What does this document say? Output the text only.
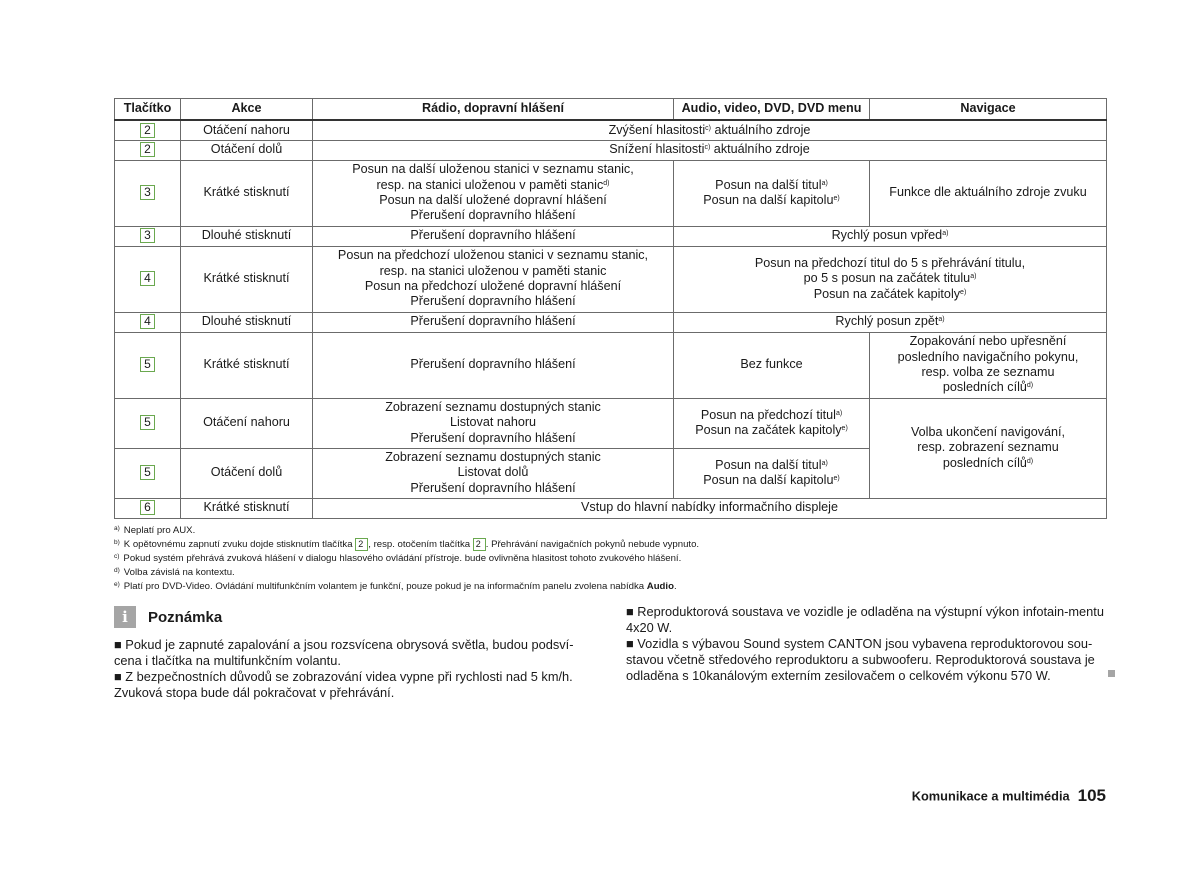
Tlačítko	Akce	Rádio, dopravní hlášení	Audio, video, DVD, DVD menu	Navigace
2	Otáčení nahoru	Zvýšení hlasitosti$^{c)}$ aktuálního zdroje		
2	Otáčení dolů	Snížení hlasitosti$^{c)}$ aktuálního zdroje		
3	Krátké stisknutí	Posun na další uloženou stanici v seznamu stanic,
resp. na stanici uloženou v paměti stanic$^{d)}$
Posun na další uložené dopravní hlášení
Přerušení dopravního hlášení	Posun na další titul$^{a)}$
Posun na další kapitolu$^{e)}$	Funkce dle aktuálního zdroje zvuku
3	Dlouhé stisknutí	Přerušení dopravního hlášení	Rychlý posun vpřed$^{a)}$
4	Krátké stisknutí	Posun na předchozí uloženou stanici v seznamu stanic,
resp. na stanici uloženou v paměti stanic
Posun na předchozí uložené dopravní hlášení
Přerušení dopravního hlášení	Posun na předchozí titul do 5 s přehrávání titulu,
po 5 s posun na začátek titulu$^{a)}$
Posun na začátek kapitoly$^{e)}$

4	Dlouhé stisknutí	Přerušení dopravního hlášení	Rychlý posun zpět$^{a)}$
5	Krátké stisknutí	Přerušení dopravního hlášení	Bez funkce	Zopakování nebo upřesnění
posledního navigačního pokynu,
resp. volba ze seznamu
posledních cílů$^{d)}$

5	Otáčení nahoru	Zobrazení seznamu dostupných stanic
Listovat nahoru
Přerušení dopravního hlášení	Posun na předchozí titul$^{a)}$
Posun na začátek kapitoly$^{e)}$	Volba ukončení navigování,
resp. zobrazení seznamu
posledních cílů$^{d)}$

5	Otáčení dolů	Zobrazení seznamu dostupných stanic
Listovat dolů
Přerušení dopravního hlášení	Posun na další titul$^{a)}$
Posun na další kapitolu$^{e)}$

6	Krátké stisknutí	Vstup do hlavní nabídky informačního displeje		
$^{a)}$ Neplatí pro AUX.
$^{b)}$ K opětovnému zapnutí zvuku dojde stisknutím tlačítka 2 , resp. otočením tlačítka 2 . Přehrávání navigačních pokynů nebude vypnuto.
$^{c)}$ Pokud systém přehrává zvuková hlášení v dialogu hlasového ovládání přístroje. bude ovlivněna hlasitost tohoto zvukového hlášení.
$^{d)}$ Volba závislá na kontextu.
$^{e)}$ Platí pro DVD-Video. Ovládání multifunkčním volantem je funkční, pouze pokud je na informačním panelu zvolena nabídka Audio.
i	Poznámka

■ Pokud je zapnuté zapalování a jsou rozsvícena obrysová světla, budou podsví-cena i tlačítka na multifunkčním volantu.

■ Z bezpečnostních důvodů se zobrazování videa vypne při rychlosti nad 5 km/h. Zvuková stopa bude dál pokračovat v přehrávání.

■ Reproduktorová soustava ve vozidle je odladěna na výstupní výkon infotain-mentu 4x20 W.

■ Vozidla s výbavou Sound system CANTON jsou vybavena reproduktorovou sou-stavou včetně středového reproduktoru a subwooferu. Reproduktorová soustava je odladěna s 10kanálovým externím zesilovačem o celkovém výkonu 570 W.

Komunikace a multimédia 105
